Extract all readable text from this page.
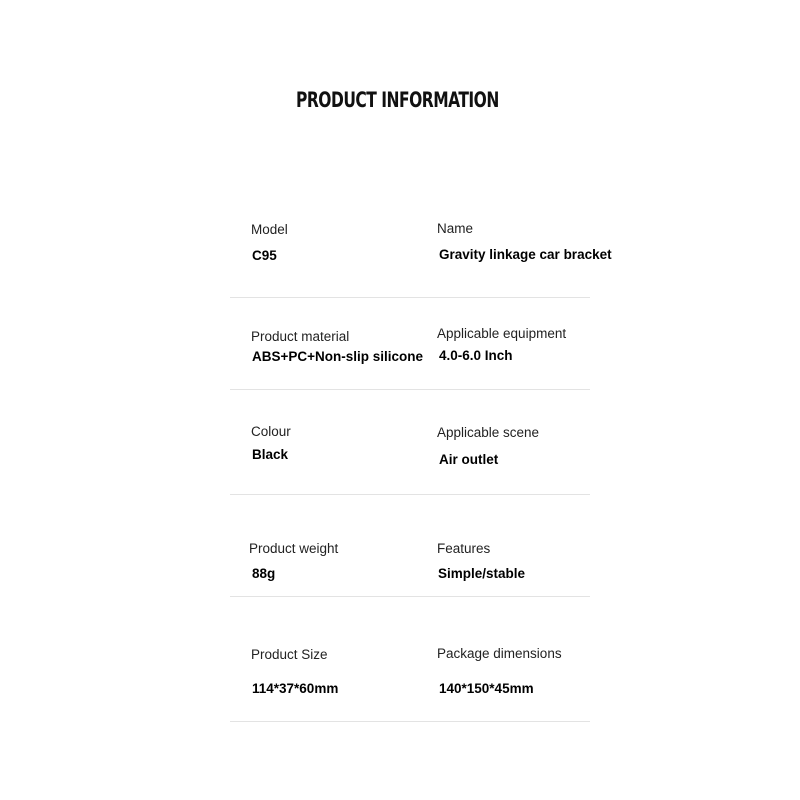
PRODUCT INFORMATION
Model
C95
Name
Gravity linkage car bracket
Product material
ABS+PC+Non-slip silicone
Applicable equipment
4.0-6.0 Inch
Colour
Black
Applicable scene
Air outlet
Product weight
88g
Features
Simple/stable
Product Size
114*37*60mm
Package dimensions
140*150*45mm
